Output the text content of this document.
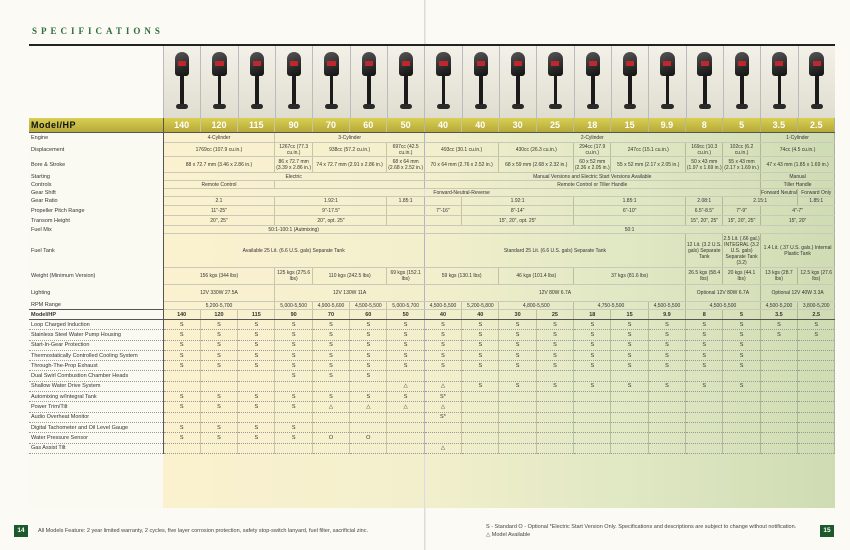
SPECIFICATIONS
Model/HP	140	120	115	90	70	60	50	40	40	30	25	18	15	9.9	8	5	3.5	2.5
Engine	4-Cylinder			3-Cylinder				2-Cylinder									1-Cylinder	
Displacement	1769cc (107.9 cu.in.)			1267cc (77.3 cu.in.)	938cc (57.2 cu.in.)		697cc (42.5 cu.in.)	493cc (30.1 cu.in.)		430cc (26.3 cu.in.)		294cc (17.9 cu.in.)	247cc (15.1 cu.in.)		169cc (10.3 cu.in.)	102cc (6.2 cu.in.)	74cc (4.5 cu.in.)	
Bore & Stroke	88 x 72.7 mm (3.46 x 2.86 in.)			86 x 72.7 mm (3.39 x 2.86 in.)	74 x 72.7 mm (2.91 x 2.86 in.)		68 x 64 mm (2.68 x 2.52 in.)	70 x 64 mm (2.76 x 2.52 in.)		68 x 59 mm (2.68 x 2.32 in.)		60 x 52 mm (2.36 x 2.05 in.)	55 x 52 mm (2.17 x 2.05 in.)		50 x 43 mm (1.97 x 1.69 in.)	55 x 43 mm (2.17 x 1.69 in.)	47 x 43 mm (1.85 x 1.69 in.)	
Starting	Electric							Manual Versions and Electric Start Versions Available									Manual	
Controls	Remote Control							Remote Control or Tiller Handle									Tiller Handle	
Gear Shift	Forward-Neutral-Reverse																Forward Neutral	Forward Only
Gear Ratio	2.1			1.92:1			1.85:1		1.92:1			1.85:1			2.08:1	2.15:1		1.85:1
Propeller Pitch Range	11"-25"			9"-17.5"				7"-16"	8"-14"			6"-10"			6.5"-8.5"	7"-9"	4"-7"	
Transom Height	20", 25"			20", opt. 25"					15", 20", opt. 25"						15", 20", 25"	15", 20", 25"	15", 20"	
Fuel Mix	50:1-100:1 (Autmixing)							50:1										
Fuel Tank	Available 25 Lit. (6.6 U.S. gals) Separate Tank							Standard 25 Lit. (6.6 U.S. gals) Separate Tank							12 Lit. (3.2 U.S. gals) Separate Tank	2.5 Lit. (.66 gal.) INTEGRAL (3.2 U.S. gals) Separate Tank (3.2)	1.4 Lit. (.37 U.S. gals.) Internal Plastic Tank	
Weight (Minimum Version)	156 kgs (344 lbs)			125 kgs (275.6 lbs)	110 kgs (242.5 lbs)		69 kgs (152.1 lbs)	59 kgs (130.1 lbs)		46 kgs (101.4 lbs)		37 kgs (81.6 lbs)			26.5 kgs (58.4 lbs)	20 kgs (44.1 lbs)	13 kgs (28.7 lbs)	12.5 kgs (27.6 lbs)
Lighting	12V 330W 27.5A			12V 130W 11A				12V 80W 6.7A							Optional 12V 80W 6.7A		Optional 12V 40W 3.3A	
RPM Range	5,200-5,700			5,000-5,500	4,900-5,600	4,500-5,500	5,000-5,700	4,500-5,500	5,200-5,800	4,800-5,500		4,750-5,500		4,500-5,500	4,500-5,500		4,500-5,200	3,800-5,200
Model/HP	140	120	115	90	70	60	50	40	40	30	25	18	15	9.9	8	5	3.5	2.5
Loop Charged Induction	S	S	S	S	S	S	S	S	S	S	S	S	S	S	S	S	S	S
Stainless Steel Water Pump Housing	S	S	S	S	S	S	S	S	S	S	S	S	S	S	S	S	S	S
Start-In-Gear Protection	S	S	S	S	S	S	S	S	S	S	S	S	S	S	S	S		
Thermostatically Controlled Cooling System	S	S	S	S	S	S	S	S	S	S	S	S	S	S	S	S		
Through-The-Prop Exhaust	S	S	S	S	S	S	S	S	S	S	S	S	S	S	S	S		
Dual Swirl Combustion Chamber Heads				S	S	S												
Shallow Water Drive System							△	△	S	S	S	S	S	S	S	S		
Automixing w/Integral Tank	S	S	S	S	S	S	S	S*										
Power Trim/Tilt	S	S	S	S	△	△	△	△										
Audio Overheat Monitor								S*										
Digital Tachometer and Oil Level Gauge	S	S	S	S														
Water Pressure Sensor	S	S	S	S	O	O												
Gas Assist Tilt								△										
14	15
All Models Feature: 2 year limited warranty, 2 cycles, five layer corrosion protection, safety stop-switch lanyard, fuel filter, sacrificial zinc.
S - Standard O - Optional *Electric Start Version Only. Specifications and descriptions are subject to change without notification.
△ Model Available
